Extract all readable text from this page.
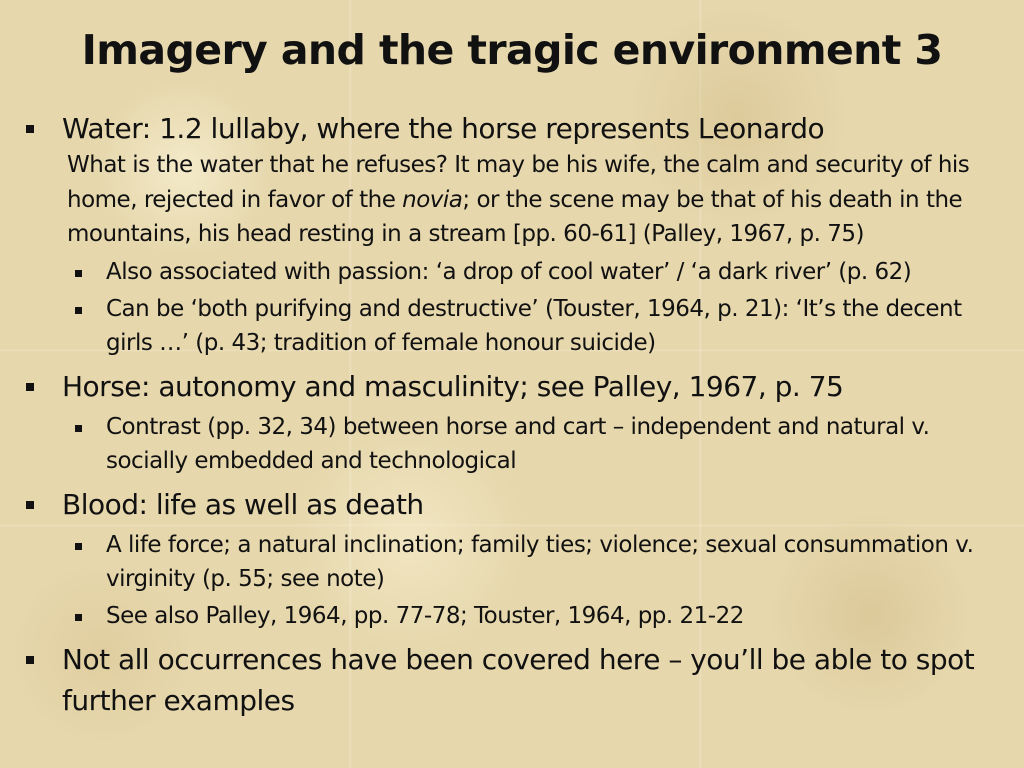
Imagery and the tragic environment 3
Water: 1.2 lullaby, where the horse represents Leonardo
What is the water that he refuses? It may be his wife, the calm and security of his home, rejected in favor of the novia; or the scene may be that of his death in the mountains, his head resting in a stream [pp. 60-61] (Palley, 1967, p. 75)
Also associated with passion: ‘a drop of cool water’ / ‘a dark river’ (p. 62)
Can be ‘both purifying and destructive’ (Touster, 1964, p. 21): ‘It’s the decent girls …’ (p. 43; tradition of female honour suicide)
Horse: autonomy and masculinity; see Palley, 1967, p. 75
Contrast (pp. 32, 34) between horse and cart – independent and natural v. socially embedded and technological
Blood: life as well as death
A life force; a natural inclination; family ties; violence; sexual consummation v. virginity (p. 55; see note)
See also Palley, 1964, pp. 77-78; Touster, 1964, pp. 21-22
Not all occurrences have been covered here – you’ll be able to spot further examples
